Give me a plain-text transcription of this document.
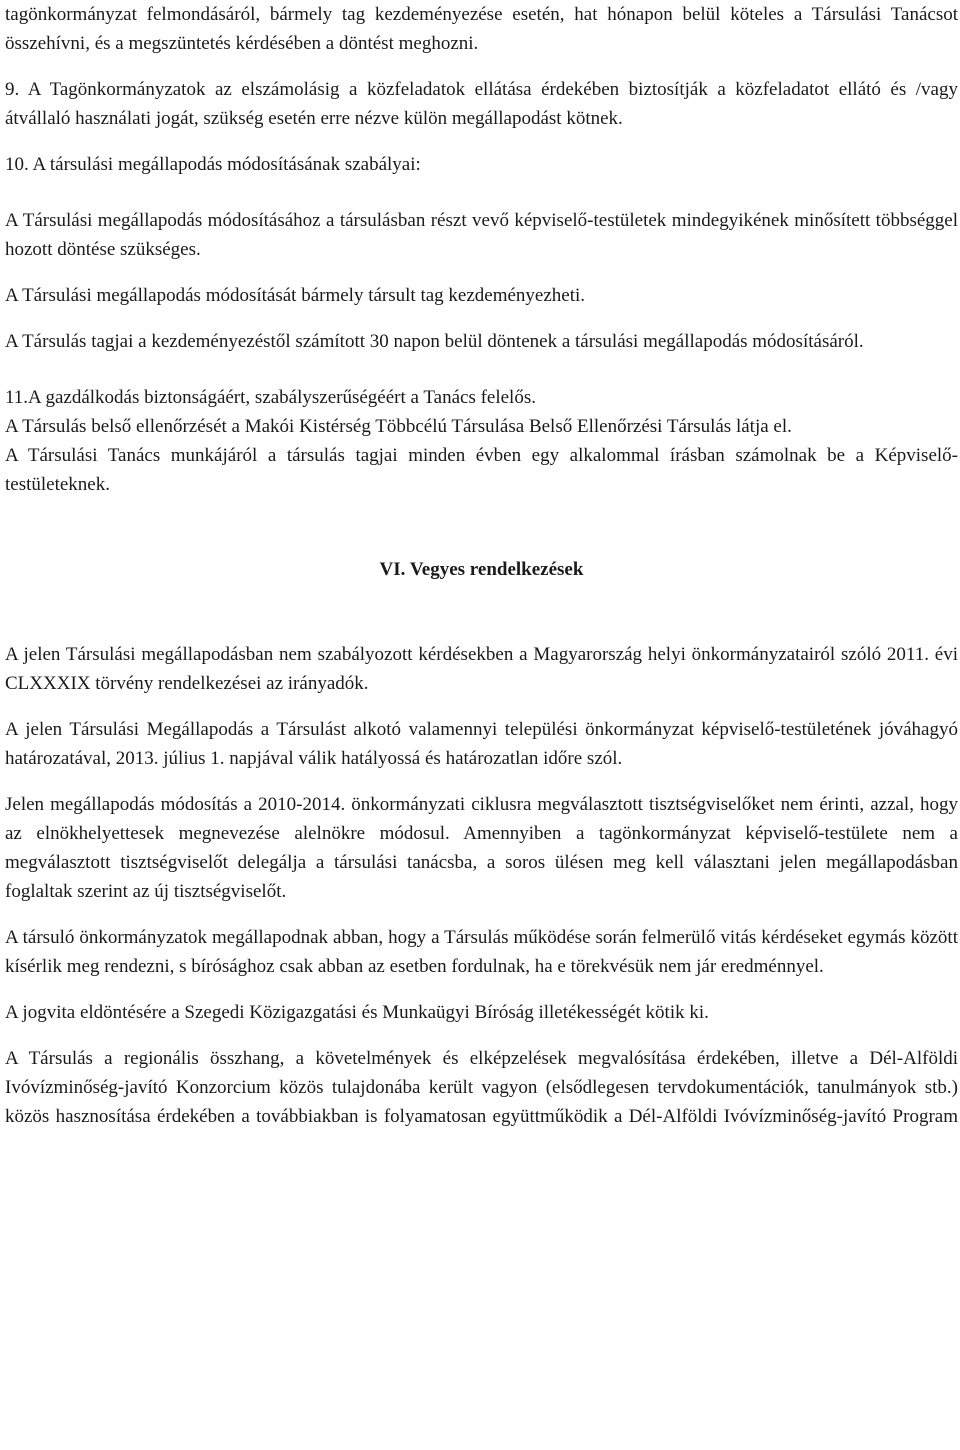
tagönkormányzat felmondásáról, bármely tag kezdeményezése esetén, hat hónapon belül köteles a Társulási Tanácsot összehívni, és a megszüntetés kérdésében a döntést meghozni.

9. A Tagönkormányzatok az elszámolásig a közfeladatok ellátása érdekében biztosítják a közfeladatot ellátó és /vagy átvállaló használati jogát, szükség esetén erre nézve külön megállapodást kötnek.

10. A társulási megállapodás módosításának szabályai:

A Társulási megállapodás módosításához a társulásban részt vevő képviselő-testületek mindegyikének minősített többséggel hozott döntése szükséges.

A Társulási megállapodás módosítását bármely társult tag kezdeményezheti.

A Társulás tagjai a kezdeményezéstől számított 30 napon belül döntenek a társulási megállapodás módosításáról.

11.A gazdálkodás biztonságáért, szabályszerűségéért a Tanács felelős.

A Társulás belső ellenőrzését a Makói Kistérség Többcélú Társulása Belső Ellenőrzési Társulás látja el.

A Társulási Tanács munkájáról a társulás tagjai minden évben egy alkalommal írásban számolnak be a Képviselő-testületeknek.

VI. Vegyes rendelkezések

A jelen Társulási megállapodásban nem szabályozott kérdésekben a Magyarország helyi önkormányzatairól szóló 2011. évi CLXXXIX törvény rendelkezései az irányadók.

A jelen Társulási Megállapodás a Társulást alkotó valamennyi települési önkormányzat képviselő-testületének jóváhagyó határozatával, 2013. július 1. napjával válik hatályossá és határozatlan időre szól.

Jelen megállapodás módosítás a 2010-2014. önkormányzati ciklusra megválasztott tisztségviselőket nem érinti, azzal, hogy az elnökhelyettesek megnevezése alelnökre módosul. Amennyiben a tagönkormányzat képviselő-testülete nem a megválasztott tisztségviselőt delegálja a társulási tanácsba, a soros ülésen meg kell választani jelen megállapodásban foglaltak szerint az új tisztségviselőt.

A társuló önkormányzatok megállapodnak abban, hogy a Társulás működése során felmerülő vitás kérdéseket egymás között kísérlik meg rendezni, s bírósághoz csak abban az esetben fordulnak, ha e törekvésük nem jár eredménnyel.

A jogvita eldöntésére a Szegedi Közigazgatási és Munkaügyi Bíróság illetékességét kötik ki.

A Társulás a regionális összhang, a követelmények és elképzelések megvalósítása érdekében, illetve a Dél-Alföldi Ivóvízminőség-javító Konzorcium közös tulajdonába került vagyon (elsődlegesen tervdokumentációk, tanulmányok stb.) közös hasznosítása érdekében a továbbiakban is folyamatosan együttműködik a Dél-Alföldi Ivóvízminőség-javító Program
